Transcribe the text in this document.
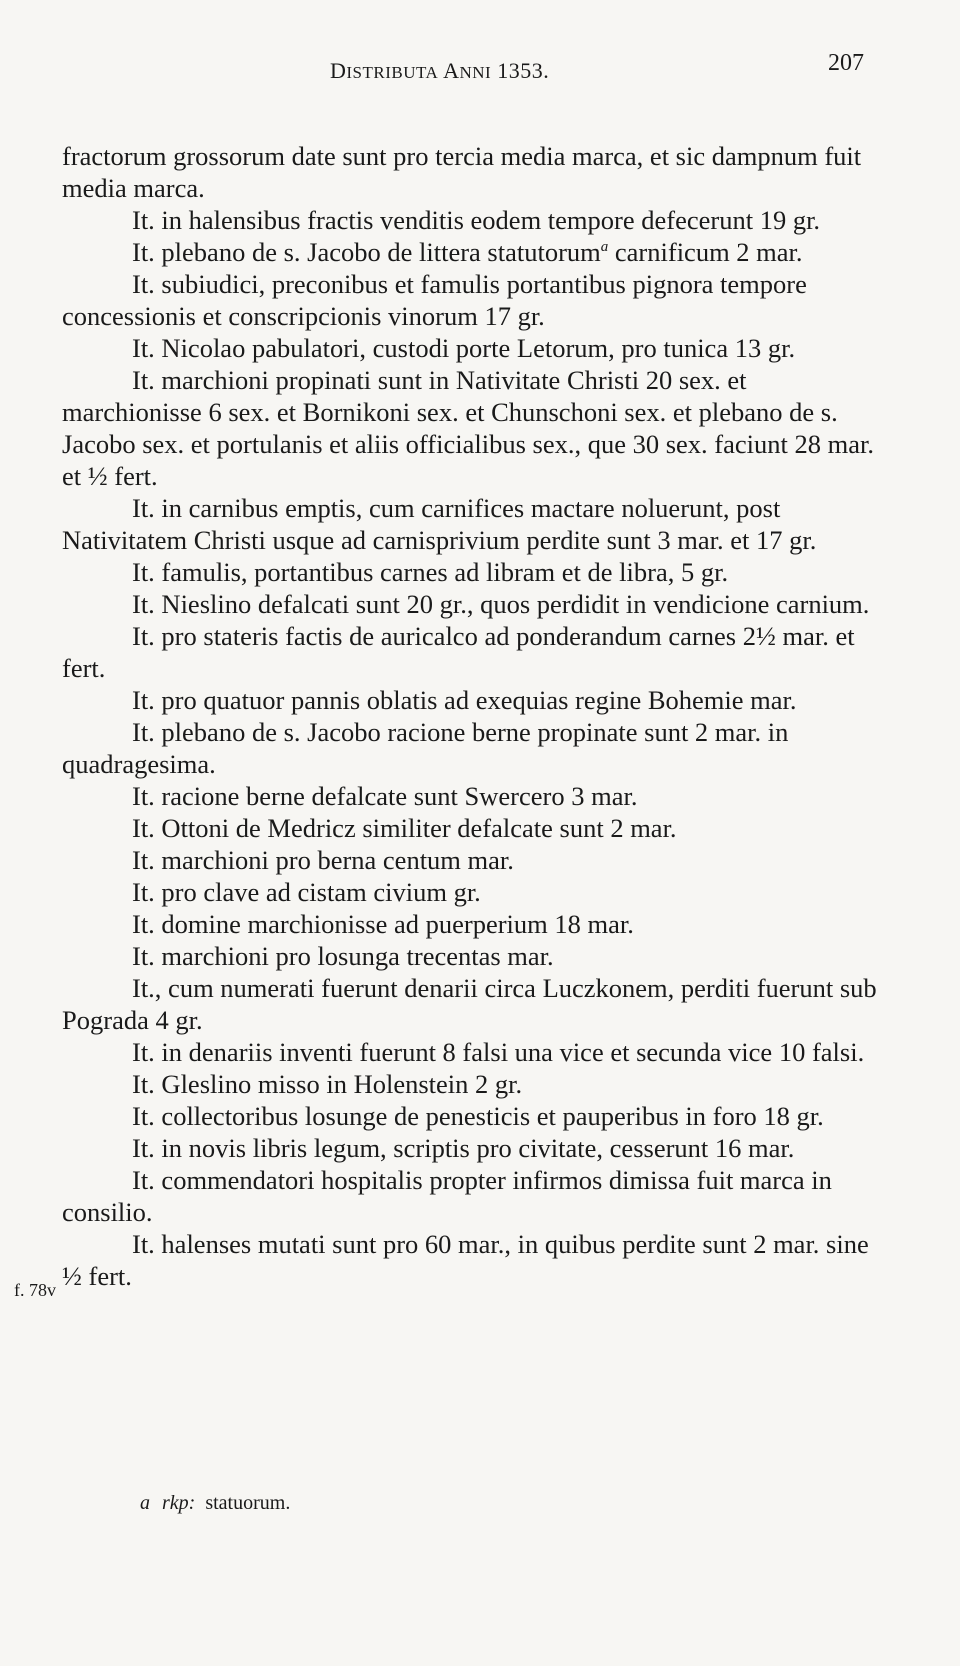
DISTRIBUTA ANNI 1353.	207

fractorum grossorum date sunt pro tercia media marca, et sic dampnum fuit media marca.

It. in halensibus fractis venditis eodem tempore defecerunt 19 gr.

It. plebano de s. Jacobo de littera statutorum$^a$ carnificum 2 mar.

It. subiudici, preconibus et famulis portantibus pignora tempore concessionis et conscripcionis vinorum 17 gr.

It. Nicolao pabulatori, custodi porte Letorum, pro tunica 13 gr.

It. marchioni propinati sunt in Nativitate Christi 20 sex. et marchionisse 6 sex. et Bornikoni sex. et Chunschoni sex. et plebano de s. Jacobo sex. et portulanis et aliis officialibus sex., que 30 sex. faciunt 28 mar. et ½ fert.

It. in carnibus emptis, cum carnifices mactare noluerunt, post Nativitatem Christi usque ad carnisprivium perdite sunt 3 mar. et 17 gr.

It. famulis, portantibus carnes ad libram et de libra, 5 gr.

It. Nieslino defalcati sunt 20 gr., quos perdidit in vendicione carnium.

It. pro stateris factis de auricalco ad ponderandum carnes 2½ mar. et fert.

It. pro quatuor pannis oblatis ad exequias regine Bohemie mar.

It. plebano de s. Jacobo racione berne propinate sunt 2 mar. in quadragesima.

It. racione berne defalcate sunt Swercero 3 mar.

It. Ottoni de Medricz similiter defalcate sunt 2 mar.

It. marchioni pro berna centum mar.

It. pro clave ad cistam civium gr.

It. domine marchionisse ad puerperium 18 mar.

It. marchioni pro losunga trecentas mar.

It., cum numerati fuerunt denarii circa Luczkonem, perditi fuerunt sub Pograda 4 gr.

It. in denariis inventi fuerunt 8 falsi una vice et secunda vice 10 falsi.

It. Gleslino misso in Holenstein 2 gr.

It. collectoribus losunge de penesticis et pauperibus in foro 18 gr.

It. in novis libris legum, scriptis pro civitate, cesserunt 16 mar.

It. commendatori hospitalis propter infirmos dimissa fuit marca in consilio.

It. halenses mutati sunt pro 60 mar., in quibus perdite sunt 2 mar. sine ½ fert.

f. 78v
a rkp: statuorum.
